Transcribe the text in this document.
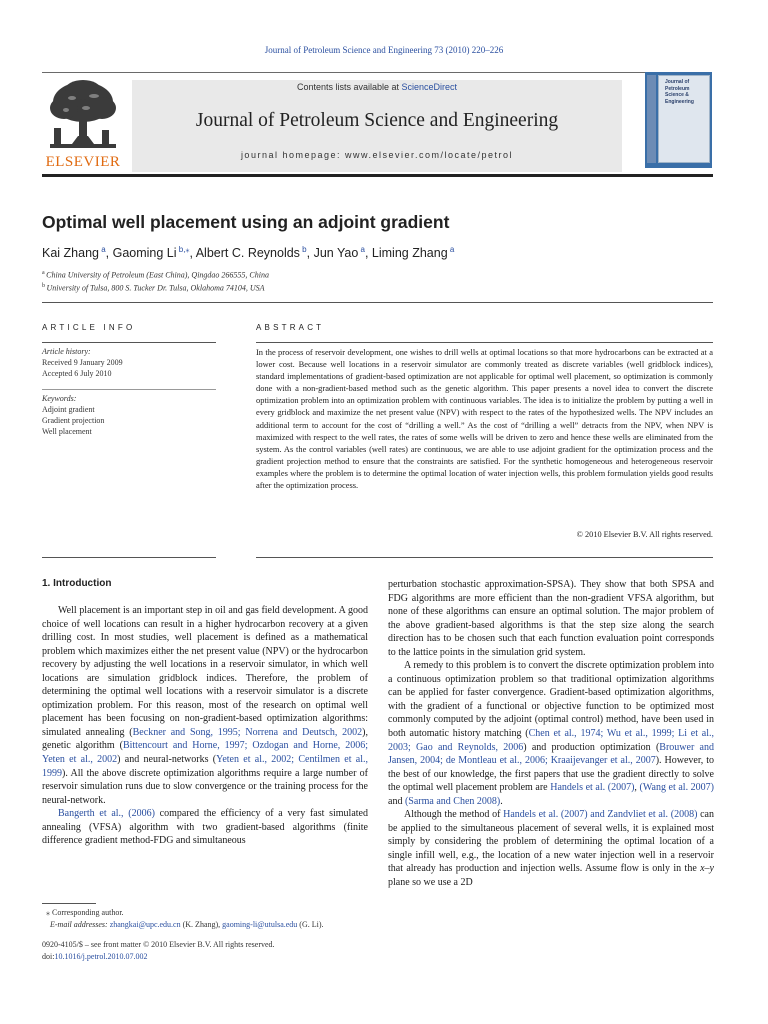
Journal of Petroleum Science and Engineering 73 (2010) 220–226
ELSEVIER
Contents lists available at ScienceDirect
Journal of Petroleum Science and Engineering
journal homepage: www.elsevier.com/locate/petrol
Journal of
Petroleum
Science &
Engineering
Optimal well placement using an adjoint gradient
Kai Zhang $^a$, Gaoming Li $^{b,⁎}$, Albert C. Reynolds $^b$, Jun Yao $^a$, Liming Zhang $^a$
$^a$ China University of Petroleum (East China), Qingdao 266555, China
$^b$ University of Tulsa, 800 S. Tucker Dr. Tulsa, Oklahoma 74104, USA
ARTICLE INFO	ABSTRACT
Article history:
Received 9 January 2009
Accepted 6 July 2010
Keywords:
Adjoint gradient
Gradient projection
Well placement
In the process of reservoir development, one wishes to drill wells at optimal locations so that more hydrocarbons can be extracted at a lower cost. Because well locations in a reservoir simulator are commonly treated as discrete variables (well gridblock indices), standard implementations of gradient-based optimization are not applicable for optimal well placement, so optimization is commonly done with a non-gradient-based method such as the genetic algorithm. This paper presents a novel idea to convert the discrete optimization problem into an optimization problem with continuous variables. The idea is to initialize the problem by putting a well in every gridblock and maximize the net present value (NPV) with respect to the rates of the hypothesized wells. The NPV includes an additional term to account for the cost of “drilling a well.” As the cost of “drilling a well” detracts from the NPV, when NPV is maximized with respect to the well rates, the rates of some wells will be driven to zero and hence these wells are eliminated from the system. As the control variables (well rates) are continuous, we are able to use adjoint gradient for the optimization process and the gradient projection method to ensure that the constraints are satisfied. For the synthetic homogeneous and heterogeneous reservoir examples where the problem is to determine the optimal location of water injection wells, this problem formulation yields good results after the optimization process.
© 2010 Elsevier B.V. All rights reserved.
1. Introduction

Well placement is an important step in oil and gas field development. A good choice of well locations can result in a higher hydrocarbon recovery at a given drilling cost. In most studies, well placement is defined as a mathematical problem which maximizes either the net present value (NPV) or the hydrocarbon recovery by adjusting the well locations in a reservoir simulator, in which well locations are simulation gridblock indices. Therefore, the problem of determining the optimal well locations with a reservoir simulator is a discrete optimization problem. For this reason, most of the research on optimal well placement has been focusing on non-gradient-based optimization algorithms: simulated annealing (Beckner and Song, 1995; Norrena and Deutsch, 2002), genetic algorithm (Bittencourt and Horne, 1997; Ozdogan and Horne, 2006; Yeten et al., 2002) and neural-networks (Yeten et al., 2002; Centilmen et al., 1999). All the above discrete optimization algorithms require a large number of reservoir simulation runs due to slow convergence or the training process for the neural-network.

Bangerth et al., (2006) compared the efficiency of a very fast simulated annealing (VFSA) algorithm with two gradient-based algorithms (finite difference gradient method-FDG and simultaneous

perturbation stochastic approximation-SPSA). They show that both SPSA and FDG algorithms are more efficient than the non-gradient VFSA algorithm, but none of these algorithms can ensure an optimal solution. The major problem of the above gradient-based algorithms is that the step size along the search direction has to be chosen such that each function evaluation point corresponds to the lattice points in the simulation grid system.

A remedy to this problem is to convert the discrete optimization problem into a continuous optimization problem so that traditional optimization algorithms can be applied for faster convergence. Gradient-based optimization algorithms, with the gradient of a functional or objective function to be optimized most commonly computed by the adjoint (optimal control) method, have been used in both automatic history matching (Chen et al., 1974; Wu et al., 1999; Li et al., 2003; Gao and Reynolds, 2006) and production optimization (Brouwer and Jansen, 2004; de Montleau et al., 2006; Kraaijevanger et al., 2007). However, to the best of our knowledge, the first papers that use the gradient directly to solve the optimal well placement problem are Handels et al. (2007), (Wang et al. 2007) and (Sarma and Chen 2008).

Although the method of Handels et al. (2007) and Zandvliet et al. (2008) can be applied to the simultaneous placement of several wells, it is explained most simply by considering the problem of determining the optimal location of a single infill well, e.g., the location of a new water injection well in a reservoir that already has production and injection wells. Assume flow is only in the x–y plane so we use a 2D

⁎ Corresponding author.
E-mail addresses: zhangkai@upc.edu.cn (K. Zhang), gaoming-li@utulsa.edu (G. Li).
0920-4105/$ – see front matter © 2010 Elsevier B.V. All rights reserved.
doi:10.1016/j.petrol.2010.07.002
